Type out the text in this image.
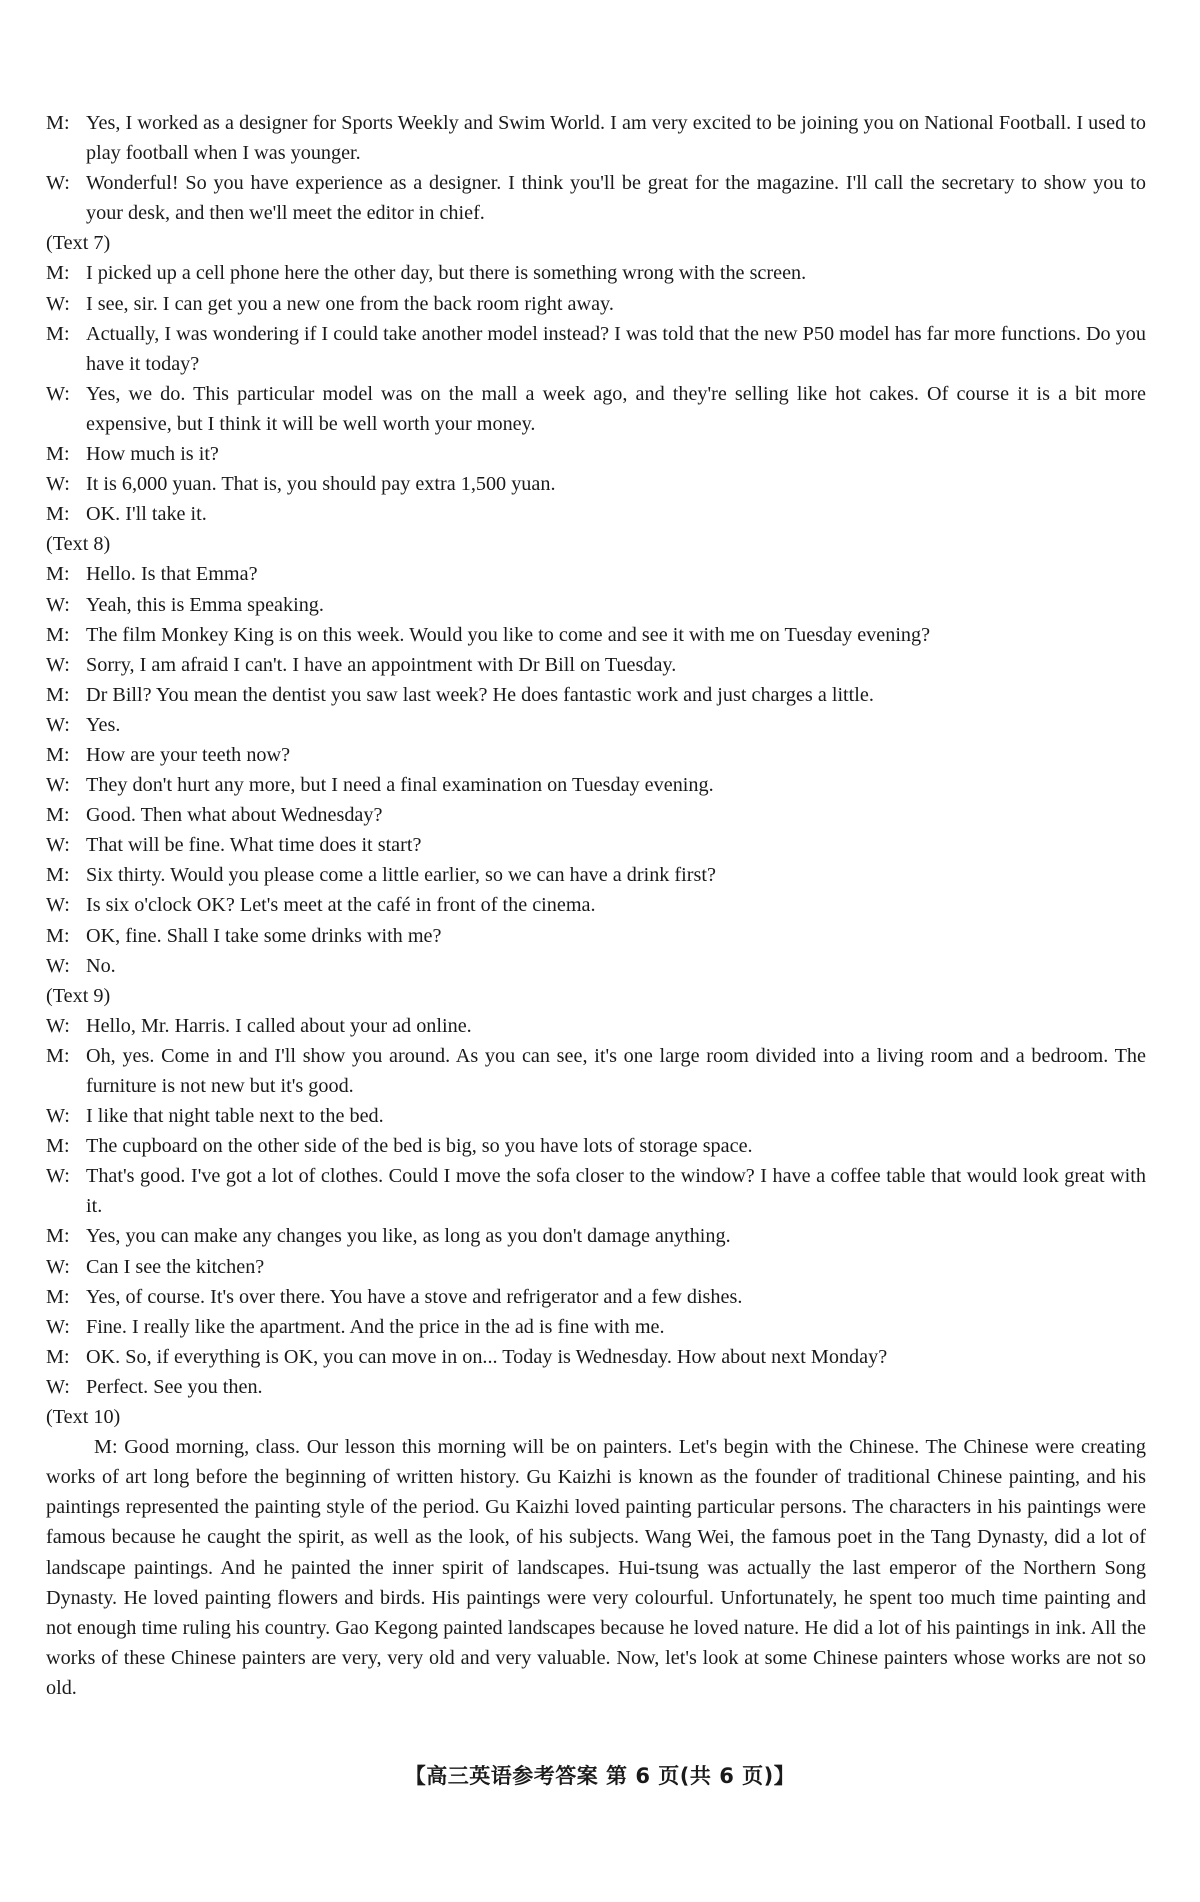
M: Yes, I worked as a designer for Sports Weekly and Swim World. I am very excited to be joining you on National Football. I used to play football when I was younger.
W: Wonderful! So you have experience as a designer. I think you'll be great for the magazine. I'll call the secretary to show you to your desk, and then we'll meet the editor in chief.

(Text 7)

M: I picked up a cell phone here the other day, but there is something wrong with the screen.
W: I see, sir. I can get you a new one from the back room right away.
M: Actually, I was wondering if I could take another model instead? I was told that the new P50 model has far more functions. Do you have it today?
W: Yes, we do. This particular model was on the mall a week ago, and they're selling like hot cakes. Of course it is a bit more expensive, but I think it will be well worth your money.
M: How much is it?
W: It is 6,000 yuan. That is, you should pay extra 1,500 yuan.
M: OK. I'll take it.

(Text 8)

M: Hello. Is that Emma?
W: Yeah, this is Emma speaking.
M: The film Monkey King is on this week. Would you like to come and see it with me on Tuesday evening?
W: Sorry, I am afraid I can't. I have an appointment with Dr Bill on Tuesday.
M: Dr Bill? You mean the dentist you saw last week? He does fantastic work and just charges a little.
W: Yes.
M: How are your teeth now?
W: They don't hurt any more, but I need a final examination on Tuesday evening.
M: Good. Then what about Wednesday?
W: That will be fine. What time does it start?
M: Six thirty. Would you please come a little earlier, so we can have a drink first?
W: Is six o'clock OK? Let's meet at the café in front of the cinema.
M: OK, fine. Shall I take some drinks with me?
W: No.

(Text 9)

W: Hello, Mr. Harris. I called about your ad online.
M: Oh, yes. Come in and I'll show you around. As you can see, it's one large room divided into a living room and a bedroom. The furniture is not new but it's good.
W: I like that night table next to the bed.
M: The cupboard on the other side of the bed is big, so you have lots of storage space.
W: That's good. I've got a lot of clothes. Could I move the sofa closer to the window? I have a coffee table that would look great with it.
M: Yes, you can make any changes you like, as long as you don't damage anything.
W: Can I see the kitchen?
M: Yes, of course. It's over there. You have a stove and refrigerator and a few dishes.
W: Fine. I really like the apartment. And the price in the ad is fine with me.
M: OK. So, if everything is OK, you can move in on... Today is Wednesday. How about next Monday?
W: Perfect. See you then.

(Text 10)

M: Good morning, class. Our lesson this morning will be on painters. Let's begin with the Chinese. The Chinese were creating works of art long before the beginning of written history. Gu Kaizhi is known as the founder of traditional Chinese painting, and his paintings represented the painting style of the period. Gu Kaizhi loved painting particular persons. The characters in his paintings were famous because he caught the spirit, as well as the look, of his subjects. Wang Wei, the famous poet in the Tang Dynasty, did a lot of landscape paintings. And he painted the inner spirit of landscapes. Hui-tsung was actually the last emperor of the Northern Song Dynasty. He loved painting flowers and birds. His paintings were very colourful. Unfortunately, he spent too much time painting and not enough time ruling his country. Gao Kegong painted landscapes because he loved nature. He did a lot of his paintings in ink. All the works of these Chinese painters are very, very old and very valuable. Now, let's look at some Chinese painters whose works are not so old.

【高三英语参考答案 第 6 页(共 6 页)】
